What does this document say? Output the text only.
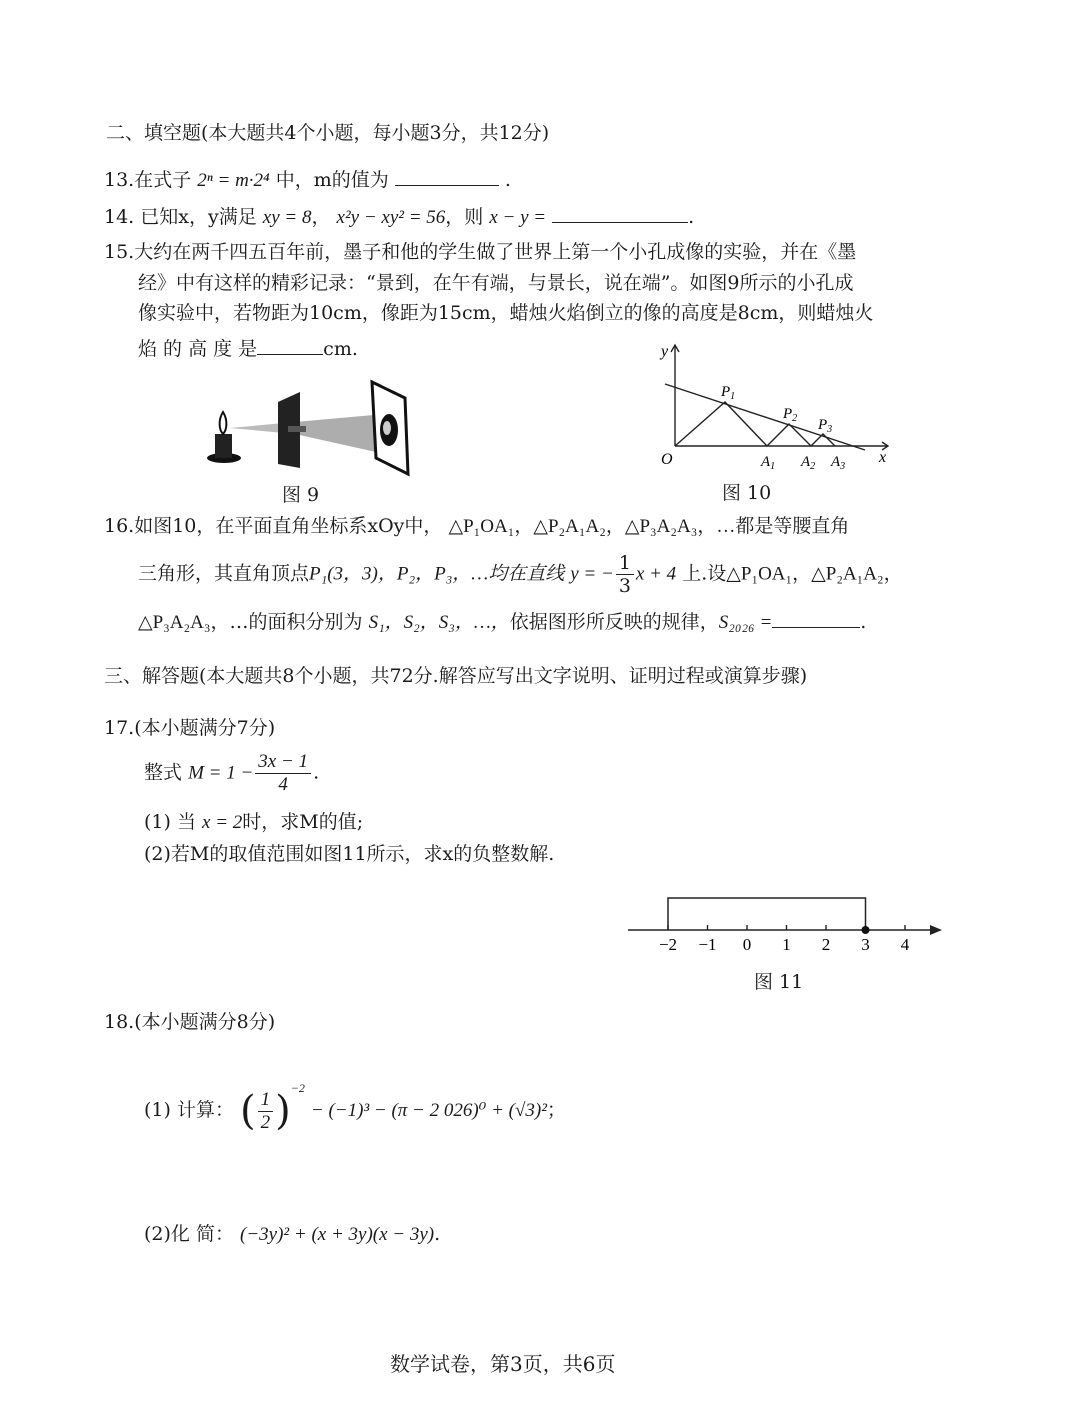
二、填空题(本大题共4个小题，每小题3分，共12分)
13.在式子 2ⁿ = m·2⁴ 中，m的值为	.
14. 已知x，y满足 xy = 8， x²y − xy² = 56，则 x − y =	.
15.大约在两千四五百年前，墨子和他的学生做了世界上第一个小孔成像的实验，并在《墨
经》中有这样的精彩记录：“景到，在午有端，与景长，说在端”。如图9所示的小孔成
像实验中，若物距为10cm，像距为15cm，蜡烛火焰倒立的像的高度是8cm，则蜡烛火
焰 的 高 度 是	cm.
图 9
y
x
O
$P_1$
$P_2$ $P_3$
$A_1$ $A_2$ $A_3$
图 10
16.如图10，在平面直角坐标系xOy中， △P₁OA₁，△P₂A₁A₂，△P₃A₂A₃，…都是等腰直角
三角形，其直角顶点P₁(3，3)，P₂，P₃，…均在直线 y = − $\frac{1}{3}$ x + 4 上.设△P₁OA₁，△P₂A₁A₂，
△P₃A₂A₃，…的面积分别为 S₁，S₂，S₃，…，依据图形所反映的规律，S₂₀₂₆ =	.
三、解答题(本大题共8个小题，共72分.解答应写出文字说明、证明过程或演算步骤)
17.(本小题满分7分)
整式 $M = 1 - \frac{3x - 1}{4}$ .
(1) 当 x = 2时，求M的值;
(2)若M的取值范围如图11所示，求x的负整数解.
−2 −1 0 1 2 3 4
图 11
18.(本小题满分8分)
(1) 计算： ( $\frac{1}{2} )^{-2} - (-1)^3 - (\pi - 2$ 026)⁰ + (√3)²；
(2)化 简： (−3y)² + (x + 3y)(x − 3y).
数学试卷，第3页，共6页
